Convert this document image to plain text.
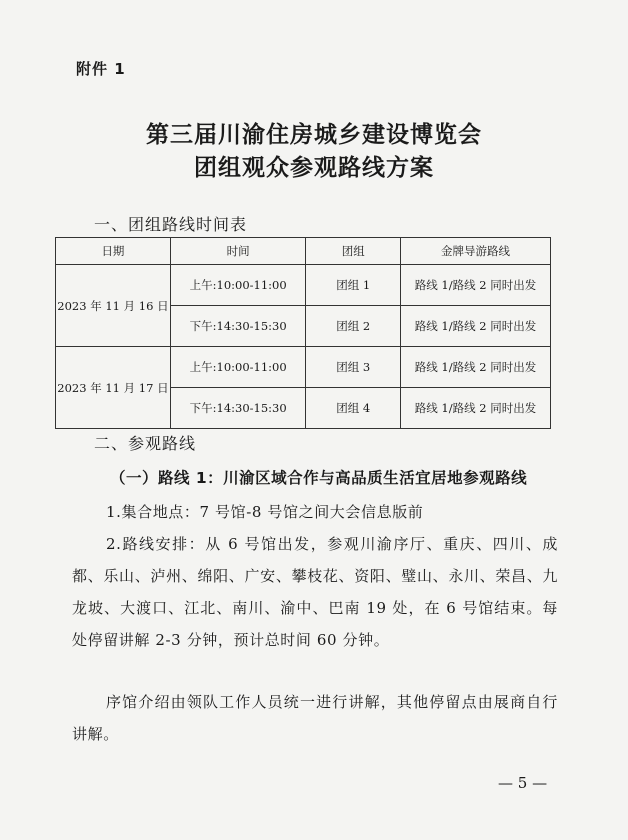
附件 1
第三届川渝住房城乡建设博览会
团组观众参观路线方案
一、团组路线时间表
日期	时间	团组	金牌导游路线
2023 年 11 月 16 日	上午:10:00-11:00	团组 1	路线 1/路线 2 同时出发
	下午:14:30-15:30	团组 2	路线 1/路线 2 同时出发
2023 年 11 月 17 日	上午:10:00-11:00	团组 3	路线 1/路线 2 同时出发
	下午:14:30-15:30	团组 4	路线 1/路线 2 同时出发
二、参观路线
（一）路线 1：川渝区域合作与高品质生活宜居地参观路线
1.集合地点：7 号馆-8 号馆之间大会信息版前
2.路线安排：从 6 号馆出发，参观川渝序厅、重庆、四川、成都、乐山、泸州、绵阳、广安、攀枝花、资阳、璧山、永川、荣昌、九龙坡、大渡口、江北、南川、渝中、巴南 19 处，在 6 号馆结束。每处停留讲解 2-3 分钟，预计总时间 60 分钟。
序馆介绍由领队工作人员统一进行讲解，其他停留点由展商自行讲解。
— 5 —
